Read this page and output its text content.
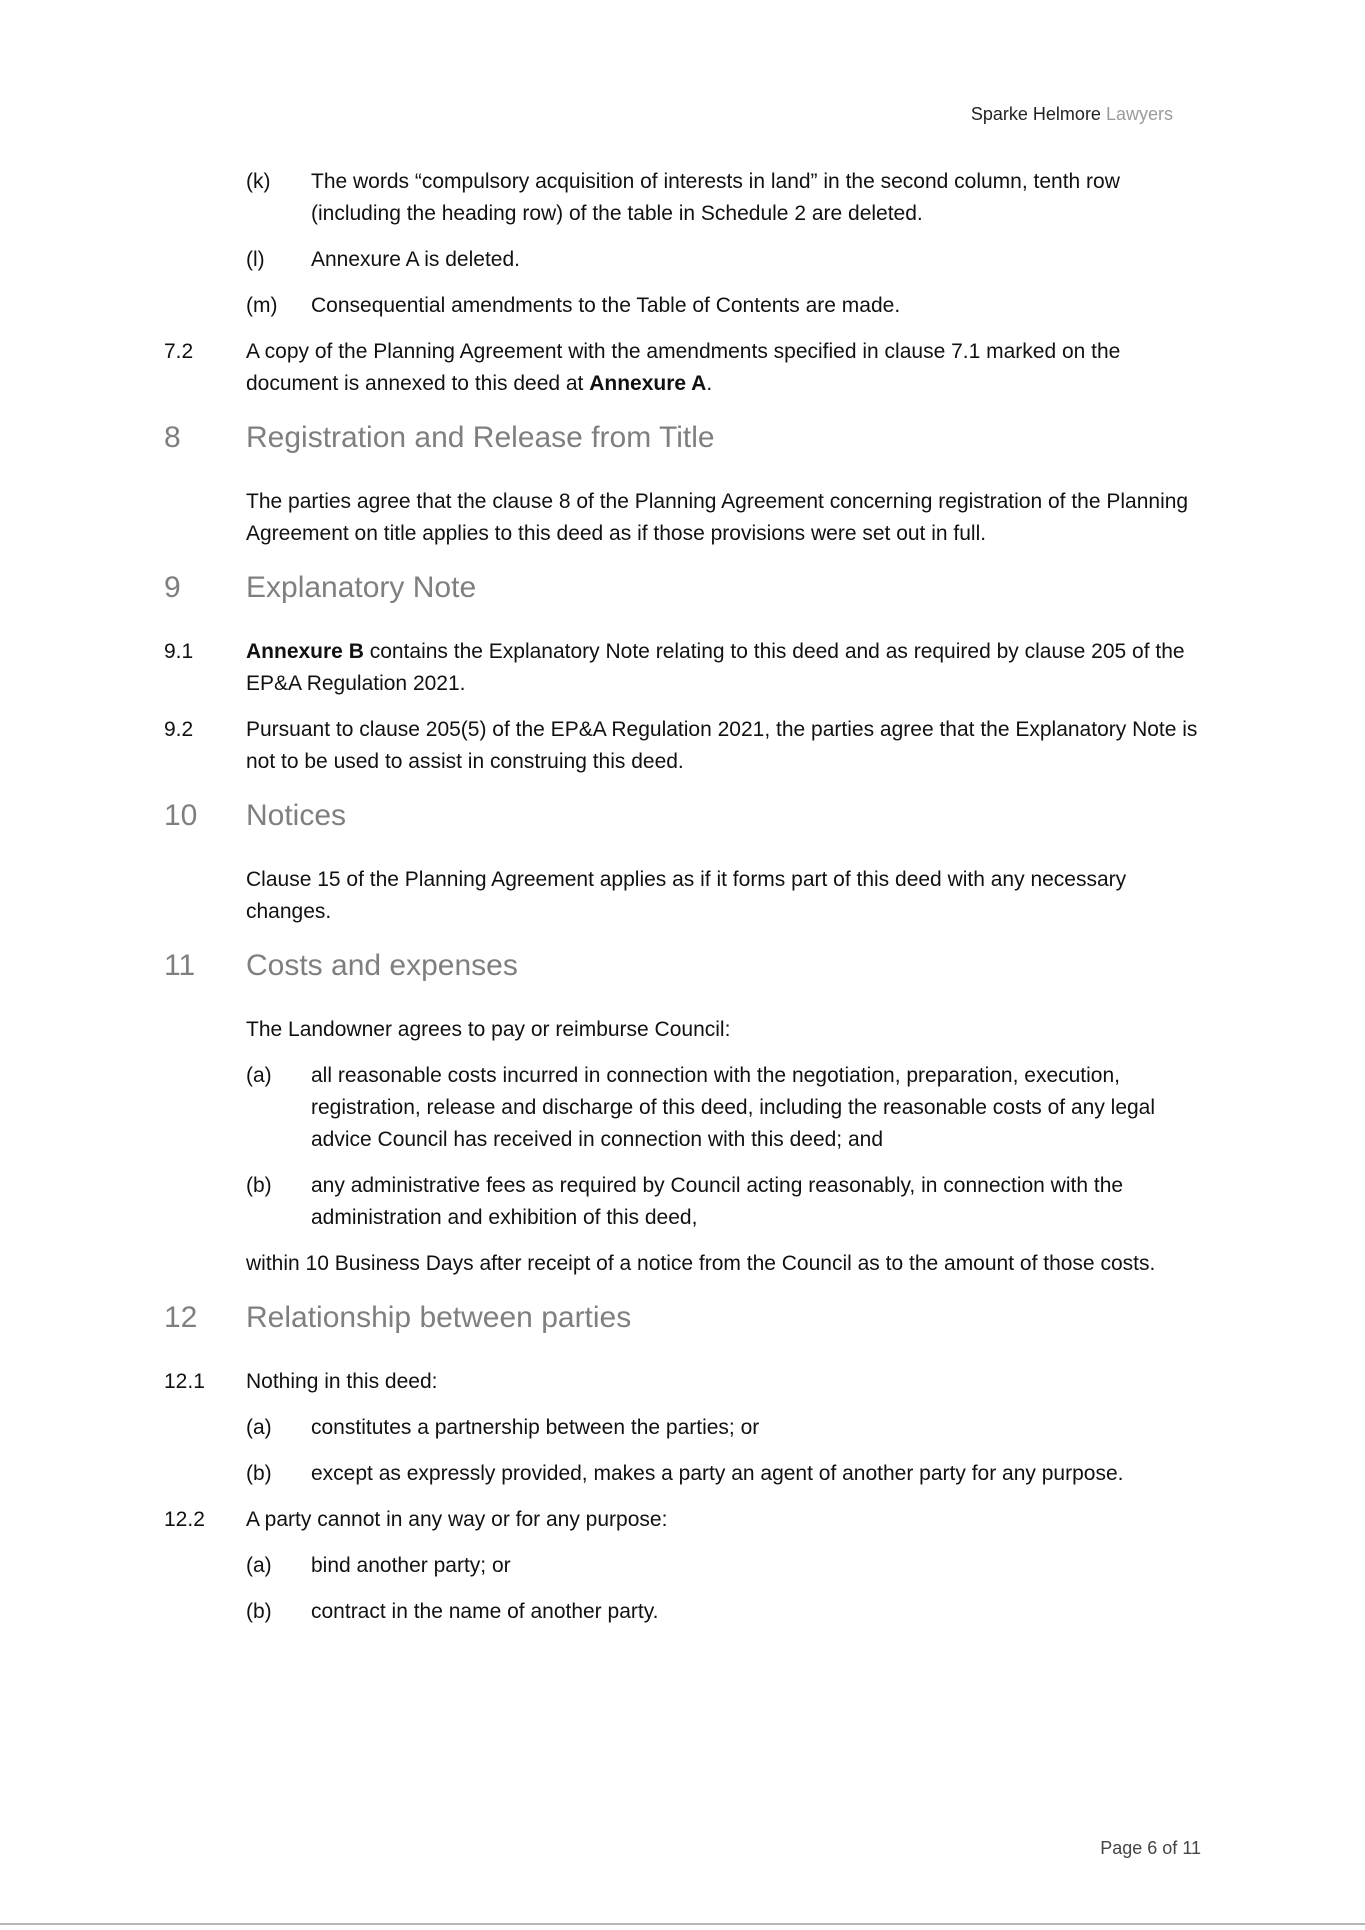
Sparke Helmore Lawyers
(k) The words “compulsory acquisition of interests in land” in the second column, tenth row (including the heading row) of the table in Schedule 2 are deleted.
(l) Annexure A is deleted.
(m) Consequential amendments to the Table of Contents are made.
7.2	A copy of the Planning Agreement with the amendments specified in clause 7.1 marked on the document is annexed to this deed at Annexure A.
8 Registration and Release from Title
The parties agree that the clause 8 of the Planning Agreement concerning registration of the Planning Agreement on title applies to this deed as if those provisions were set out in full.
9 Explanatory Note
9.1	Annexure B contains the Explanatory Note relating to this deed and as required by clause 205 of the EP&A Regulation 2021.
9.2	Pursuant to clause 205(5) of the EP&A Regulation 2021, the parties agree that the Explanatory Note is not to be used to assist in construing this deed.
10 Notices
Clause 15 of the Planning Agreement applies as if it forms part of this deed with any necessary changes.
11 Costs and expenses
The Landowner agrees to pay or reimburse Council:
(a) all reasonable costs incurred in connection with the negotiation, preparation, execution, registration, release and discharge of this deed, including the reasonable costs of any legal advice Council has received in connection with this deed; and
(b) any administrative fees as required by Council acting reasonably, in connection with the administration and exhibition of this deed,
within 10 Business Days after receipt of a notice from the Council as to the amount of those costs.
12 Relationship between parties
12.1 Nothing in this deed:
(a) constitutes a partnership between the parties; or
(b) except as expressly provided, makes a party an agent of another party for any purpose.
12.2 A party cannot in any way or for any purpose:
(a) bind another party; or
(b) contract in the name of another party.
Page 6 of 11
